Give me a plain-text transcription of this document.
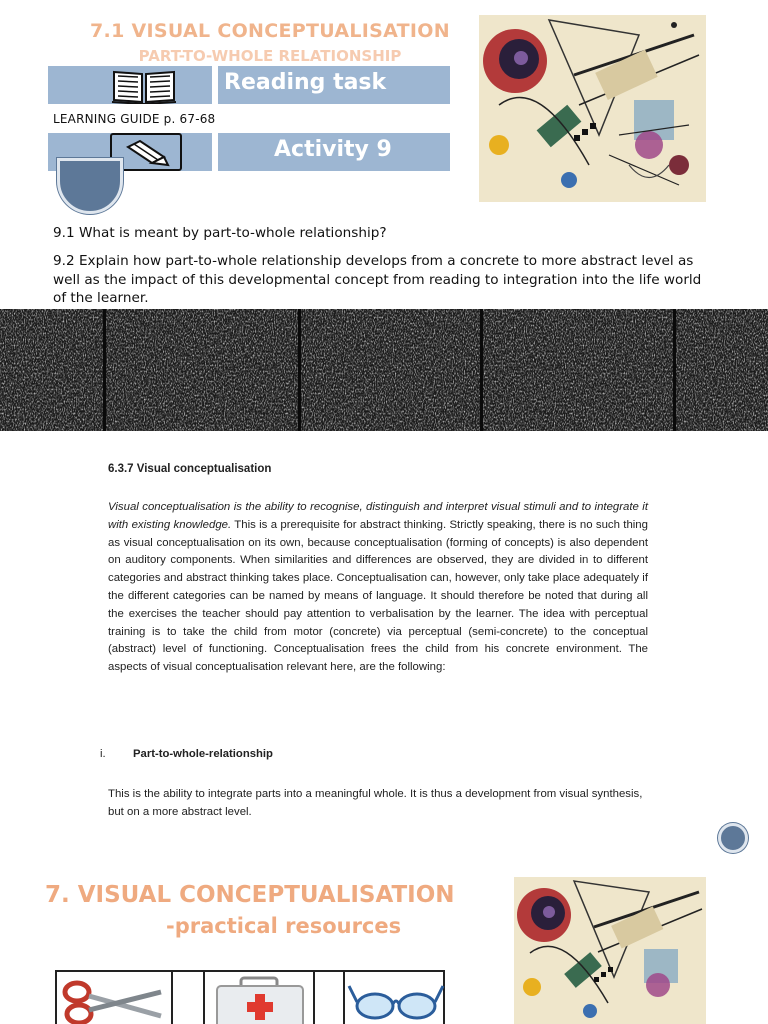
7.1 VISUAL CONCEPTUALISATION
PART-TO-WHOLE RELATIONSHIP
Reading task
LEARNING GUIDE p. 67-68
Activity 9
9.1 What is meant by part-to-whole relationship?
9.2 Explain how part-to-whole relationship develops from a concrete to more abstract level as well as the impact of this developmental concept from reading to integration into the life world of the learner.
6.3.7 Visual conceptualisation
Visual conceptualisation is the ability to recognise, distinguish and interpret visual stimuli and to integrate it with existing knowledge. This is a prerequisite for abstract thinking. Strictly speaking, there is no such thing as visual conceptualisation on its own, because conceptualisation (forming of concepts) is also dependent on auditory components. When similarities and differences are observed, they are divided in to different categories and abstract thinking takes place. Conceptualisation can, however, only take place adequately if the different categories can be named by means of language. It should therefore be noted that during all the exercises the teacher should pay attention to verbalisation by the learner. The idea with perceptual training is to take the child from motor (concrete) via perceptual (semi-concrete) to the conceptual (abstract) level of functioning. Conceptualisation frees the child from his concrete environment. The aspects of visual conceptualisation relevant here, are the following:
i. Part-to-whole-relationship
This is the ability to integrate parts into a meaningful whole. It is thus a development from visual synthesis, but on a more abstract level.
7. VISUAL CONCEPTUALISATION
-practical resources
